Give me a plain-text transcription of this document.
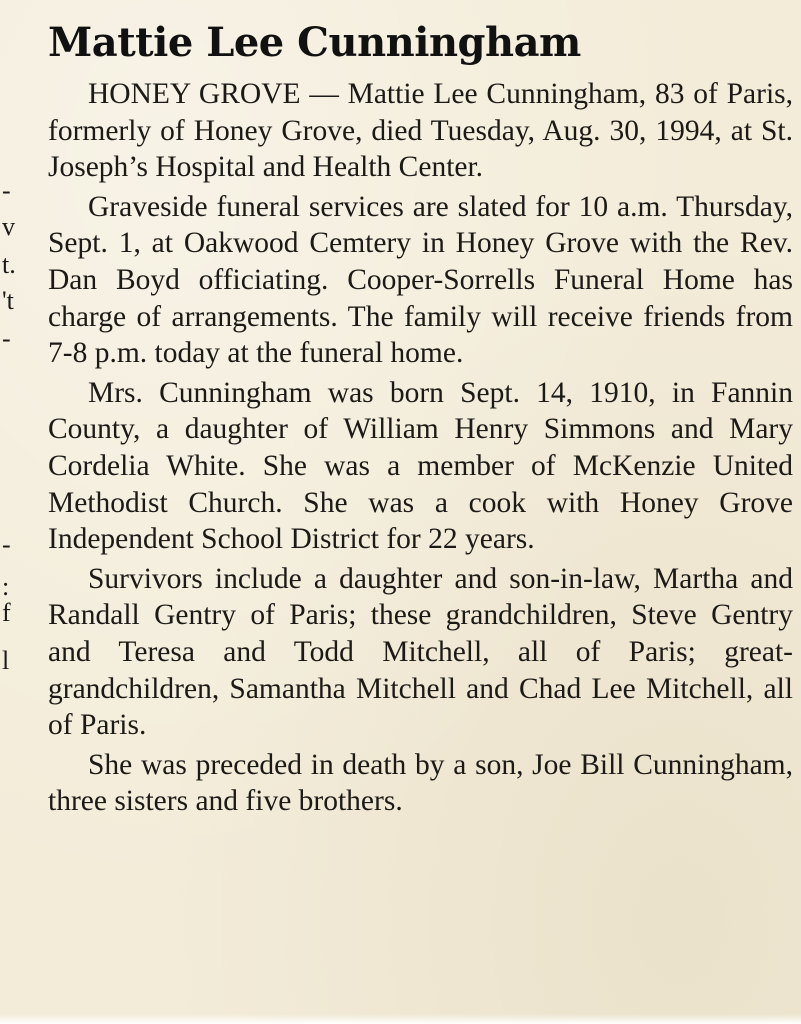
-
v
t.
't
-
-
:
f
l
Mattie Lee Cunningham

HONEY GROVE — Mattie Lee Cunningham, 83 of Paris, formerly of Honey Grove, died Tuesday, Aug. 30, 1994, at St. Joseph’s Hospital and Health Center.

Graveside funeral services are slated for 10 a.m. Thursday, Sept. 1, at Oakwood Cemtery in Honey Grove with the Rev. Dan Boyd officiating. Cooper-Sorrells Funeral Home has charge of arrangements. The family will receive friends from 7-8 p.m. today at the funeral home.

Mrs. Cunningham was born Sept. 14, 1910, in Fannin County, a daughter of William Henry Simmons and Mary Cordelia White. She was a member of McKenzie United Methodist Church. She was a cook with Honey Grove Independent School District for 22 years.

Survivors include a daughter and son-in-law, Martha and Randall Gentry of Paris; these grandchildren, Steve Gentry and Teresa and Todd Mitchell, all of Paris; great-grandchildren, Samantha Mitchell and Chad Lee Mitchell, all of Paris.

She was preceded in death by a son, Joe Bill Cunningham, three sisters and five brothers.
